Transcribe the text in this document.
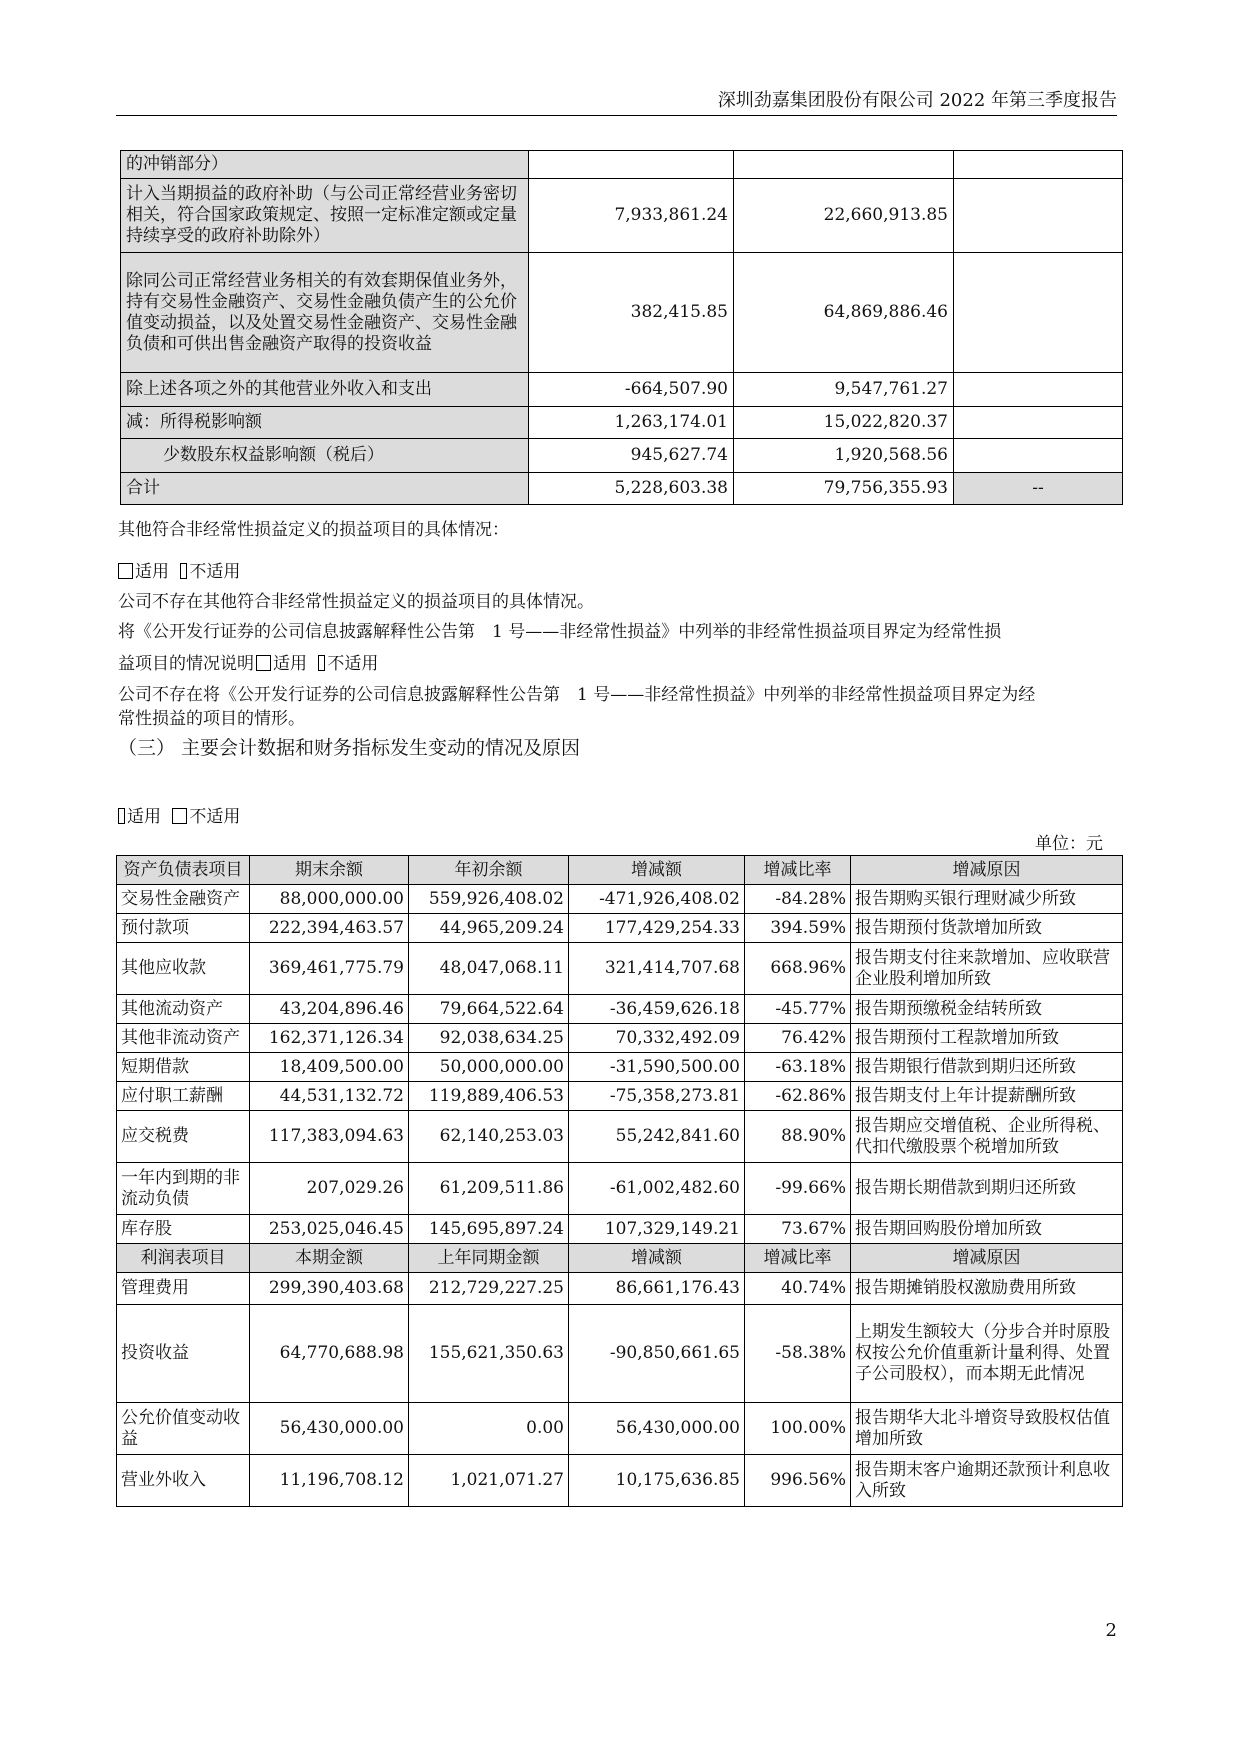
深圳劲嘉集团股份有限公司 2022 年第三季度报告
的冲销部分）			
计入当期损益的政府补助（与公司正常经营业务密切相关，符合国家政策规定、按照一定标准定额或定量持续享受的政府补助除外）	7,933,861.24	22,660,913.85	
除同公司正常经营业务相关的有效套期保值业务外，持有交易性金融资产、交易性金融负债产生的公允价值变动损益，以及处置交易性金融资产、交易性金融负债和可供出售金融资产取得的投资收益	382,415.85	64,869,886.46	
除上述各项之外的其他营业外收入和支出	-664,507.90	9,547,761.27	
减：所得税影响额	1,263,174.01	15,022,820.37	
少数股东权益影响额（税后）	945,627.74	1,920,568.56	
合计	5,228,603.38	79,756,355.93	--
其他符合非经常性损益定义的损益项目的具体情况：
适用 不适用
公司不存在其他符合非经常性损益定义的损益项目的具体情况。
将《公开发行证券的公司信息披露解释性公告第　1 号——非经常性损益》中列举的非经常性损益项目界定为经常性损
益项目的情况说明 适用 不适用
公司不存在将《公开发行证券的公司信息披露解释性公告第　1 号——非经常性损益》中列举的非经常性损益项目界定为经
常性损益的项目的情形。
（三） 主要会计数据和财务指标发生变动的情况及原因
适用 不适用
单位：元
资产负债表项目	期末余额	年初余额	增减额	增减比率	增减原因
交易性金融资产	88,000,000.00	559,926,408.02	-471,926,408.02	-84.28%	报告期购买银行理财减少所致
预付款项	222,394,463.57	44,965,209.24	177,429,254.33	394.59%	报告期预付货款增加所致
其他应收款	369,461,775.79	48,047,068.11	321,414,707.68	668.96%	报告期支付往来款增加、应收联营企业股利增加所致
其他流动资产	43,204,896.46	79,664,522.64	-36,459,626.18	-45.77%	报告期预缴税金结转所致
其他非流动资产	162,371,126.34	92,038,634.25	70,332,492.09	76.42%	报告期预付工程款增加所致
短期借款	18,409,500.00	50,000,000.00	-31,590,500.00	-63.18%	报告期银行借款到期归还所致
应付职工薪酬	44,531,132.72	119,889,406.53	-75,358,273.81	-62.86%	报告期支付上年计提薪酬所致
应交税费	117,383,094.63	62,140,253.03	55,242,841.60	88.90%	报告期应交增值税、企业所得税、代扣代缴股票个税增加所致
一年内到期的非流动负债	207,029.26	61,209,511.86	-61,002,482.60	-99.66%	报告期长期借款到期归还所致
库存股	253,025,046.45	145,695,897.24	107,329,149.21	73.67%	报告期回购股份增加所致
利润表项目	本期金额	上年同期金额	增减额	增减比率	增减原因
管理费用	299,390,403.68	212,729,227.25	86,661,176.43	40.74%	报告期摊销股权激励费用所致
投资收益	64,770,688.98	155,621,350.63	-90,850,661.65	-58.38%	上期发生额较大（分步合并时原股权按公允价值重新计量利得、处置子公司股权），而本期无此情况
公允价值变动收益	56,430,000.00	0.00	56,430,000.00	100.00%	报告期华大北斗增资导致股权估值增加所致
营业外收入	11,196,708.12	1,021,071.27	10,175,636.85	996.56%	报告期末客户逾期还款预计利息收入所致
2
